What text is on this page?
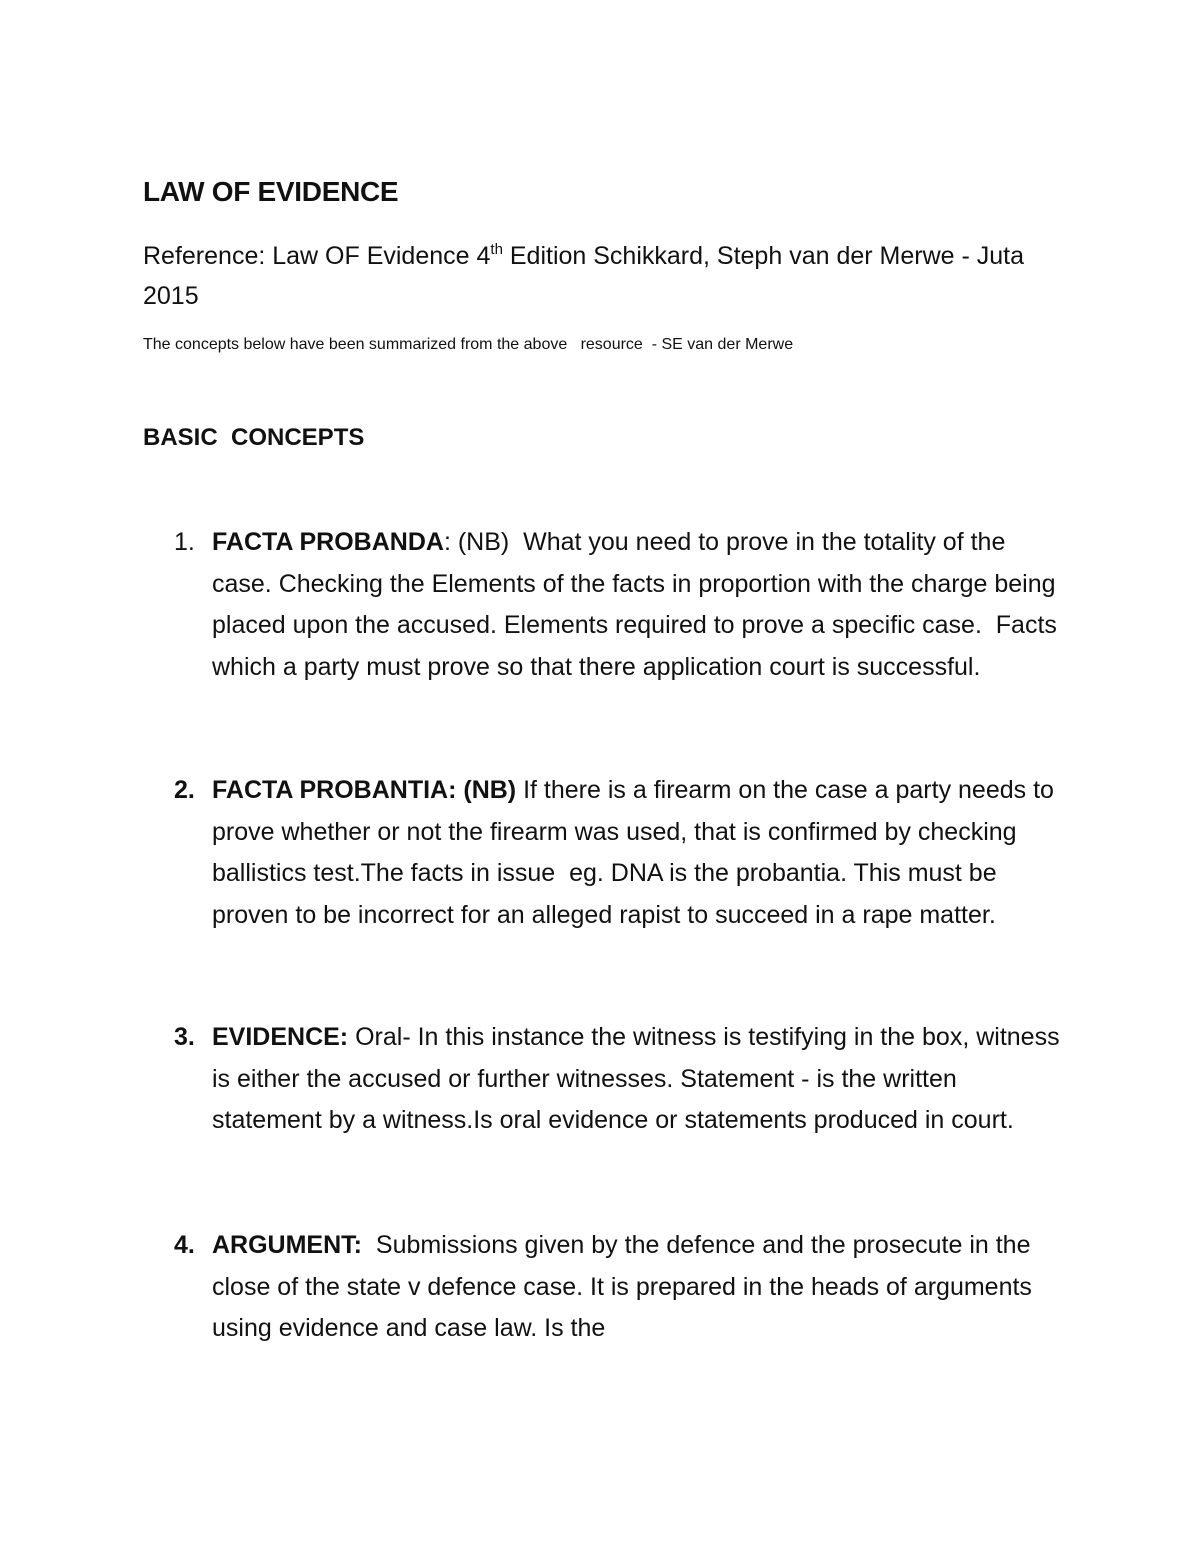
LAW OF EVIDENCE

Reference: Law OF Evidence 4th Edition Schikkard, Steph van der Merwe - Juta 2015

The concepts below have been summarized from the above   resource  - SE van der Merwe

BASIC  CONCEPTS
1. FACTA PROBANDA: (NB)  What you need to prove in the totality of the case. Checking the Elements of the facts in proportion with the charge being placed upon the accused. Elements required to prove a specific case.  Facts which a party must prove so that there application court is successful.

2. FACTA PROBANTIA: (NB) If there is a firearm on the case a party needs to prove whether or not the firearm was used, that is confirmed by checking ballistics test.The facts in issue  eg. DNA is the probantia. This must be proven to be incorrect for an alleged rapist to succeed in a rape matter.

3. EVIDENCE: Oral- In this instance the witness is testifying in the box, witness is either the accused or further witnesses. Statement - is the written statement by a witness.Is oral evidence or statements produced in court.

4. ARGUMENT:  Submissions given by the defence and the prosecute in the close of the state v defence case. It is prepared in the heads of arguments using evidence and case law. Is the
